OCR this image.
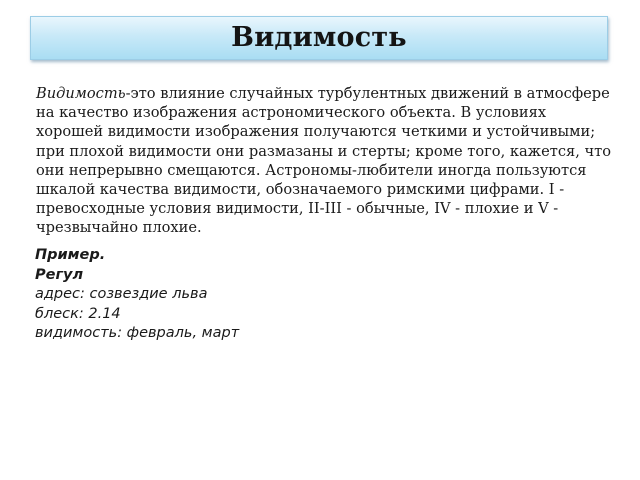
Видимость

Видимость-это влияние случайных турбулентных движений в атмосфере на качество изображения астрономического объекта. В условиях хорошей видимости изображения получаются четкими и устойчивыми; при плохой видимости они размазаны и стерты; кроме того, кажется, что они непрерывно смещаются. Астрономы-любители иногда пользуются шкалой качества видимости, обозначаемого римскими цифрами. I - превосходные условия видимости, II-III - обычные, IV - плохие и V - чрезвычайно плохие.

Пример.
Регул
адрес: созвездие льва
блеск: 2.14
видимость: февраль, март
